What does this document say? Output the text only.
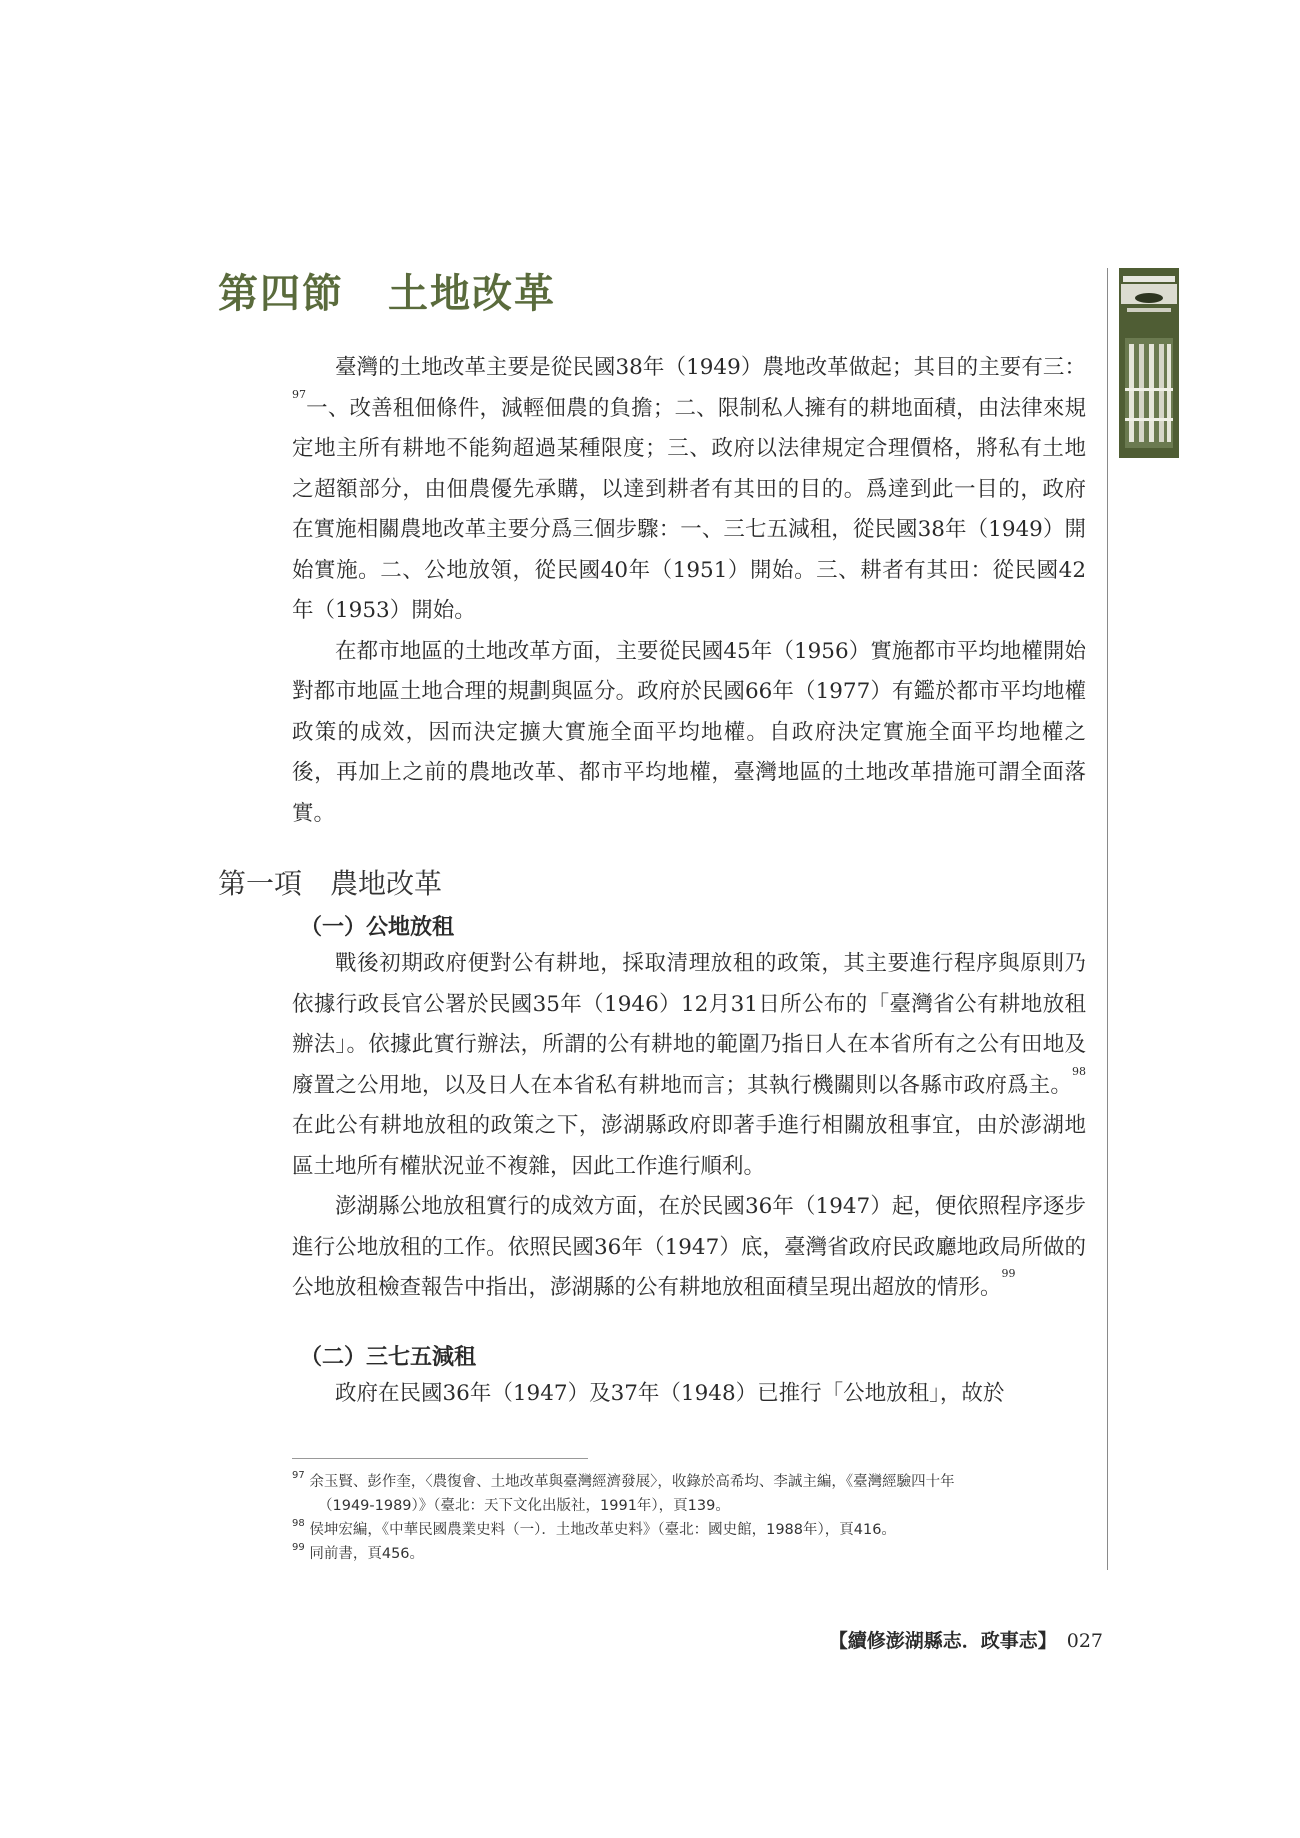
第四節 土地改革

臺灣的土地改革主要是從民國38年（1949）農地改革做起；其目的主要有三：$^{97}$一、改善租佃條件，減輕佃農的負擔；二、限制私人擁有的耕地面積，由法律來規定地主所有耕地不能夠超過某種限度；三、政府以法律規定合理價格，將私有土地之超額部分，由佃農優先承購，以達到耕者有其田的目的。爲達到此一目的，政府在實施相關農地改革主要分爲三個步驟：一、三七五減租，從民國38年（1949）開始實施。二、公地放領，從民國40年（1951）開始。三、耕者有其田：從民國42年（1953）開始。

在都市地區的土地改革方面，主要從民國45年（1956）實施都市平均地權開始對都市地區土地合理的規劃與區分。政府於民國66年（1977）有鑑於都市平均地權政策的成效，因而決定擴大實施全面平均地權。自政府決定實施全面平均地權之後，再加上之前的農地改革、都市平均地權，臺灣地區的土地改革措施可謂全面落實。

第一項 農地改革
（一）公地放租

戰後初期政府便對公有耕地，採取清理放租的政策，其主要進行程序與原則乃依據行政長官公署於民國35年（1946）12月31日所公布的「臺灣省公有耕地放租辦法」。依據此實行辦法，所謂的公有耕地的範圍乃指日人在本省所有之公有田地及廢置之公用地，以及日人在本省私有耕地而言；其執行機關則以各縣市政府爲主。$^{98}$在此公有耕地放租的政策之下，澎湖縣政府即著手進行相關放租事宜，由於澎湖地區土地所有權狀況並不複雜，因此工作進行順利。

澎湖縣公地放租實行的成效方面，在於民國36年（1947）起，便依照程序逐步進行公地放租的工作。依照民國36年（1947）底，臺灣省政府民政廳地政局所做的公地放租檢查報告中指出，澎湖縣的公有耕地放租面積呈現出超放的情形。$^{99}$

（二）三七五減租

政府在民國36年（1947）及37年（1948）已推行「公地放租」，故於

$^{97}$ 余玉賢、彭作奎，〈農復會、土地改革與臺灣經濟發展〉，收錄於高希均、李誠主編，《臺灣經驗四十年

（1949-1989）》（臺北：天下文化出版社，1991年），頁139。

$^{98}$ 侯坤宏編，《中華民國農業史料（一）．土地改革史料》（臺北：國史館，1988年），頁416。

$^{99}$ 同前書，頁456。

【續修澎湖縣志．政事志】 027
